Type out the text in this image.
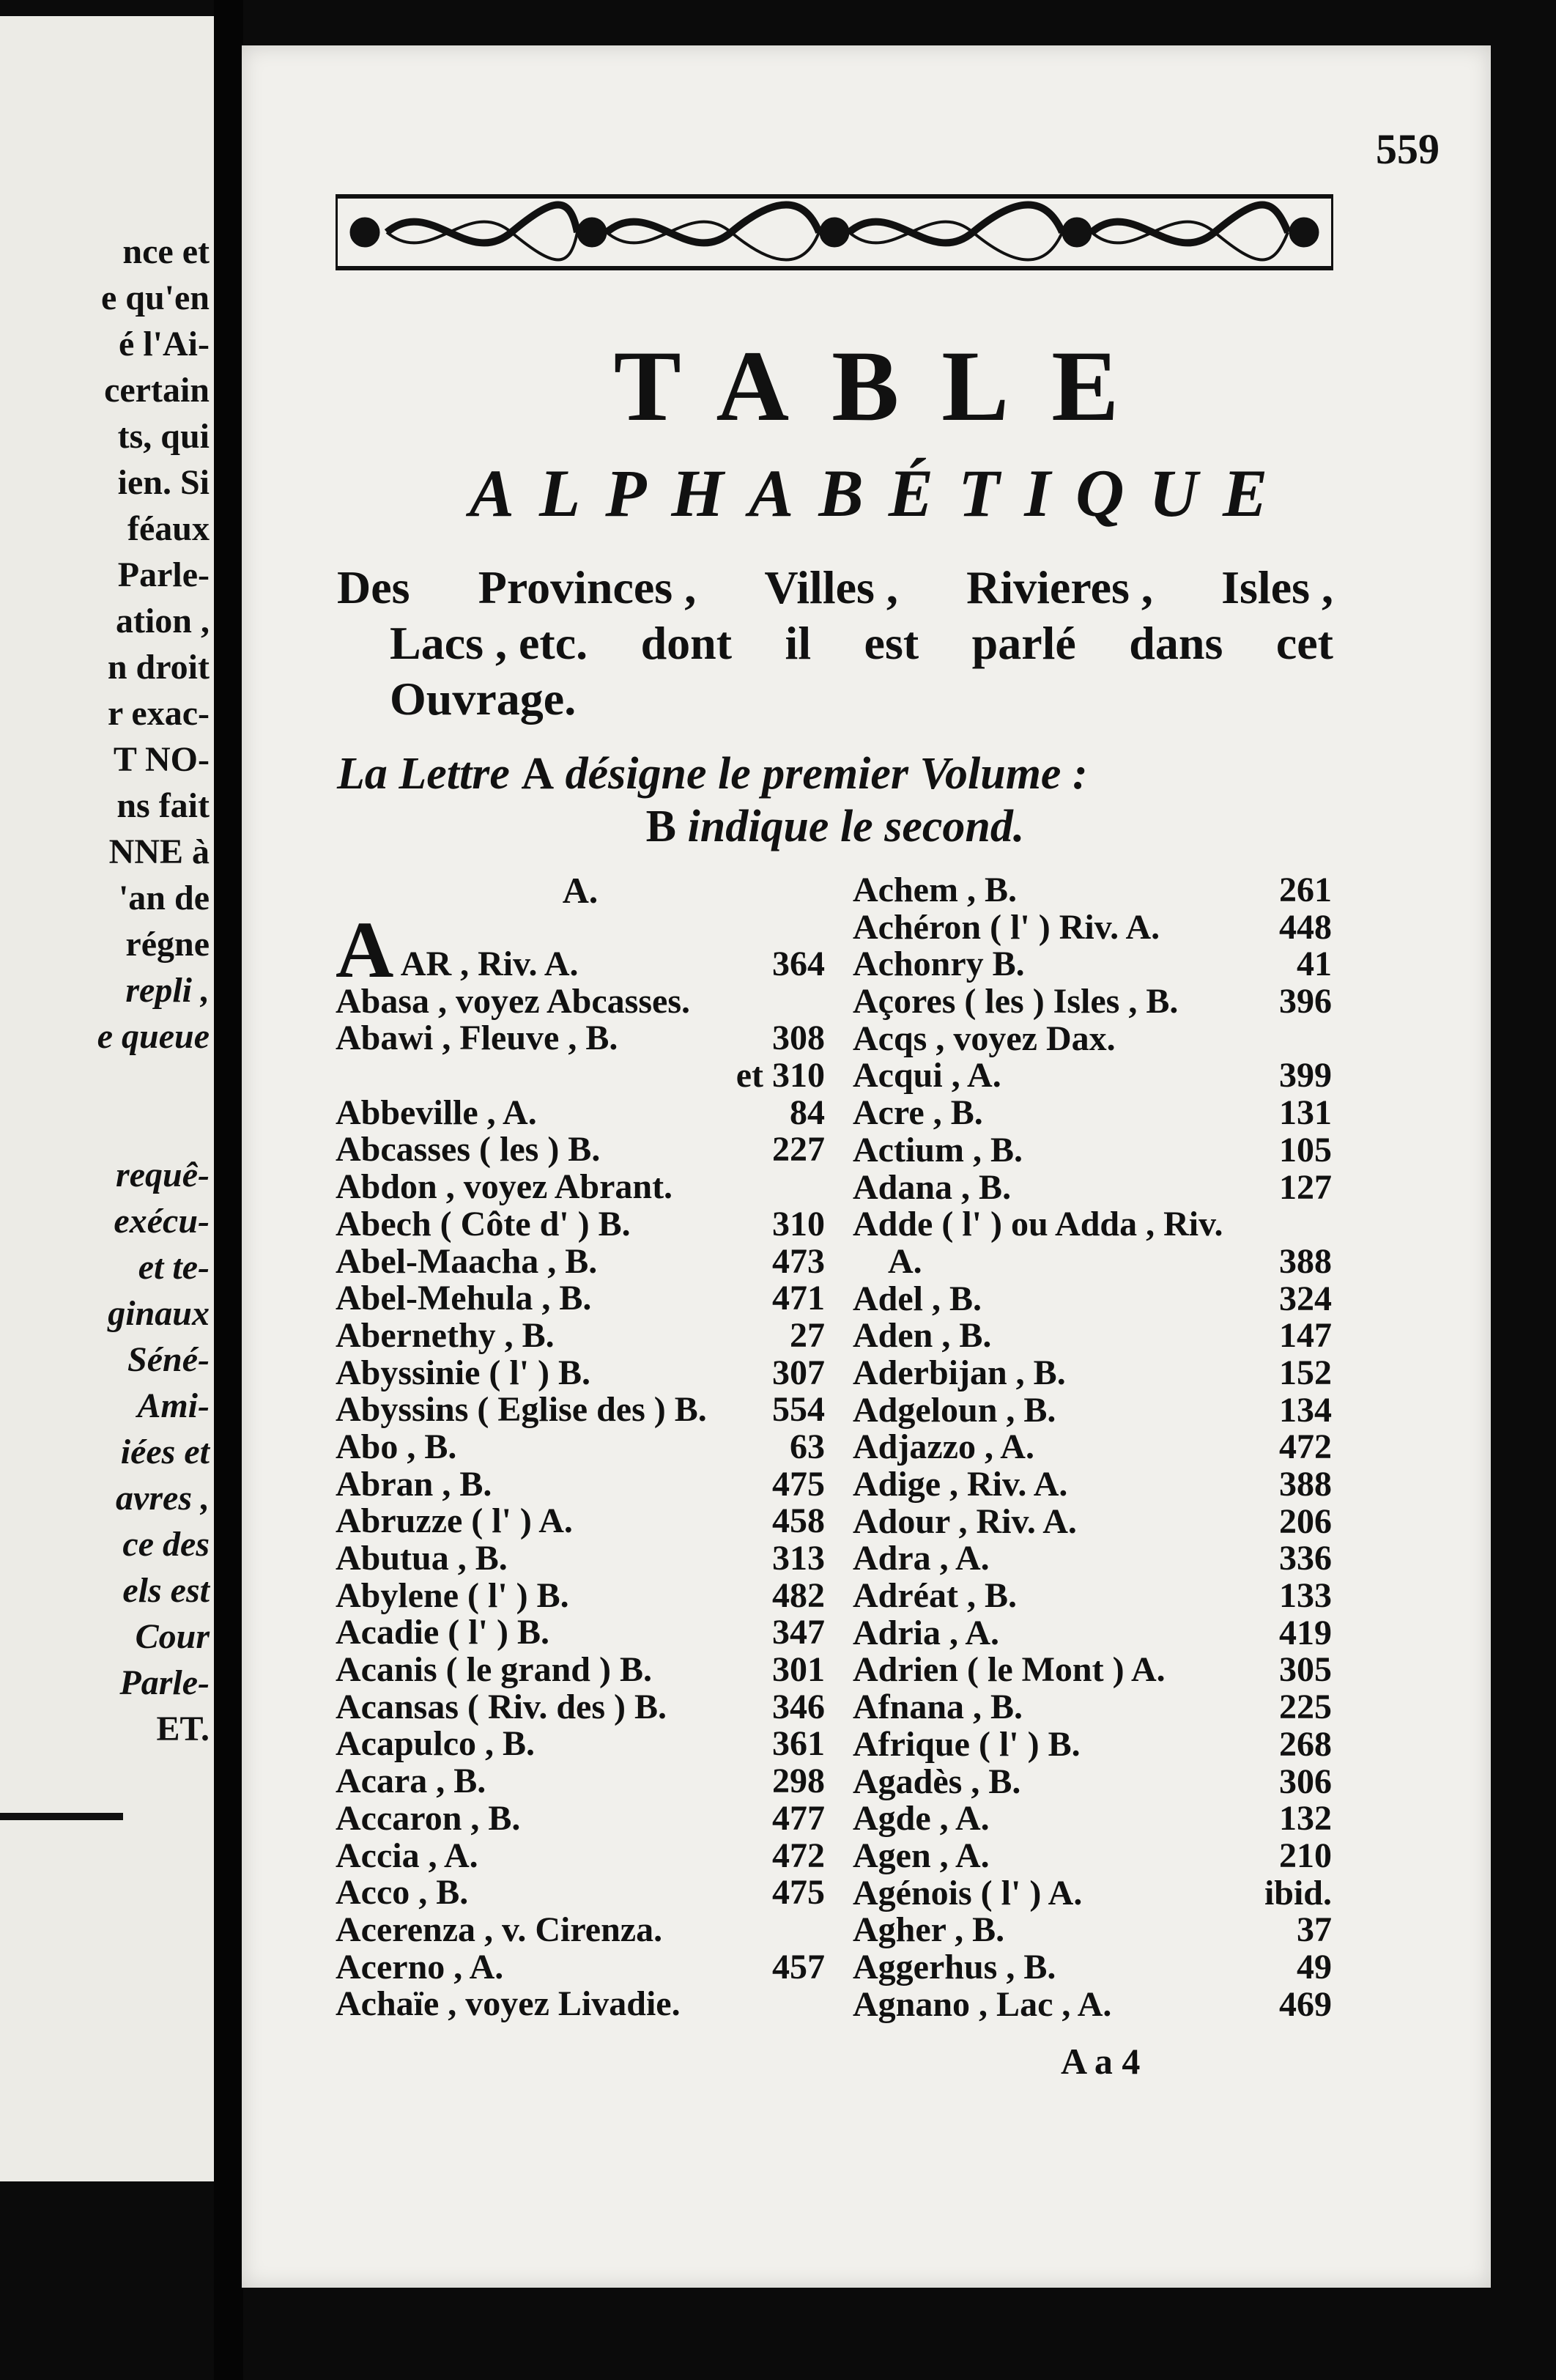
nce et
e qu'en
é l'Ai-
certain
ts, qui
ien. Si
féaux
Parle-
ation ,
n droit
r exac-
T NO-
ns fait
NNE à
'an de
régne
repli ,
e queue
requê-
exécu-
et te-
ginaux
Séné-
Ami-
iées et
avres ,
ce des
els est
Cour
Parle-
ET.
559
TABLE
ALPHABÉTIQUE
Des Provinces , Villes , Rivieres , Isles ,
Lacs , etc. dont il est parlé dans cet
Ouvrage.
La Lettre A désigne le premier Volume :
B indique le second.
A.
A AR , Riv. A.	364
Abasa , voyez Abcasses.
Abawi , Fleuve , B.	308
et 310
Abbeville , A.	84
Abcasses ( les ) B.	227
Abdon , voyez Abrant.
Abech ( Côte d' ) B.	310
Abel-Maacha , B.	473
Abel-Mehula , B.	471
Abernethy , B.	27
Abyssinie ( l' ) B.	307
Abyssins ( Eglise des ) B. 554
Abo , B.	63
Abran , B.	475
Abruzze ( l' ) A.	458
Abutua , B.	313
Abylene ( l' ) B.	482
Acadie ( l' ) B.	347
Acanis ( le grand ) B.	301
Acansas ( Riv. des ) B.	346
Acapulco , B.	361
Acara , B.	298
Accaron , B.	477
Accia , A.	472
Acco , B.	475
Acerenza , v. Cirenza.
Acerno , A.	457
Achaïe , voyez Livadie.
Achem , B.	261
Achéron ( l' ) Riv. A.	448
Achonry B.	41
Açores ( les ) Isles , B.	396
Acqs , voyez Dax.
Acqui , A.	399
Acre , B.	131
Actium , B.	105
Adana , B.	127
Adde ( l' ) ou Adda , Riv.
A.	388
Adel , B.	324
Aden , B.	147
Aderbijan , B.	152
Adgeloun , B.	134
Adjazzo , A.	472
Adige , Riv. A.	388
Adour , Riv. A.	206
Adra , A.	336
Adréat , B.	133
Adria , A.	419
Adrien ( le Mont ) A.	305
Afnana , B.	225
Afrique ( l' ) B.	268
Agadès , B.	306
Agde , A.	132
Agen , A.	210
Agénois ( l' ) A.	ibid.
Agher , B.	37
Aggerhus , B.	49
Agnano , Lac , A.	469
A a 4
